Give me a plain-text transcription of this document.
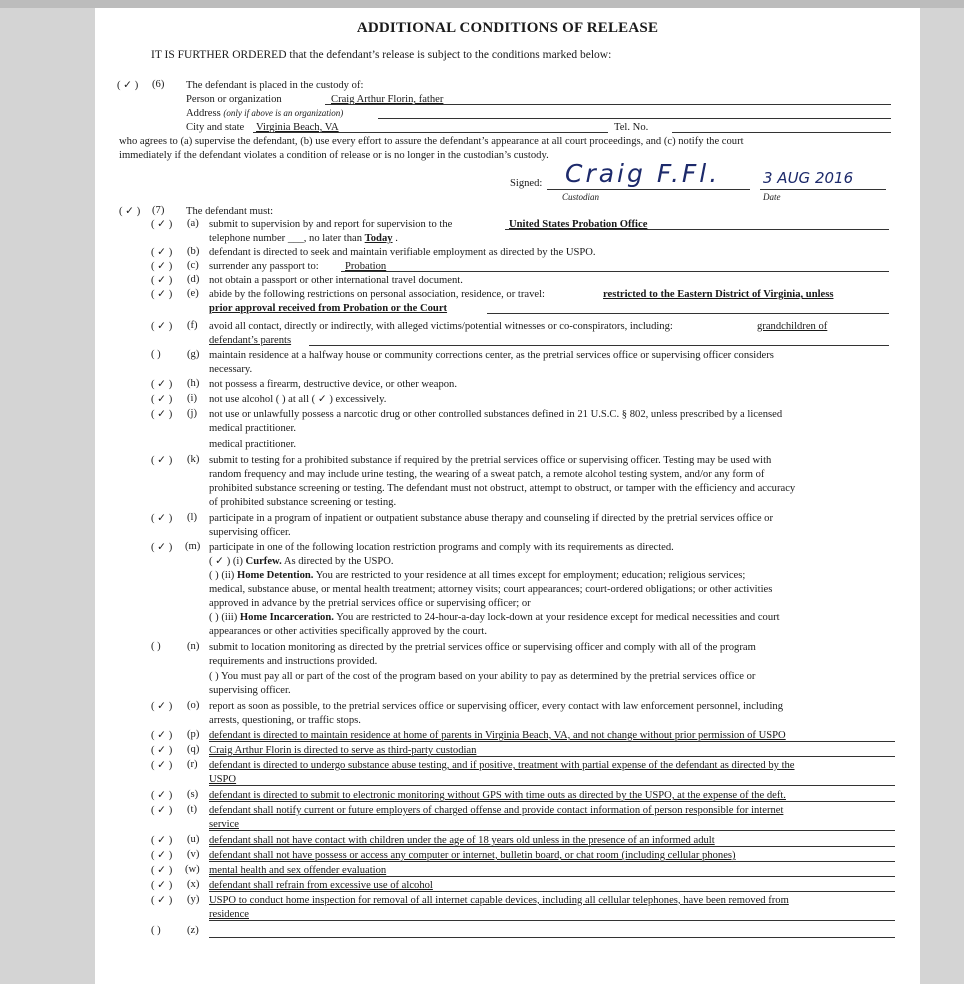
ADDITIONAL CONDITIONS OF RELEASE
IT IS FURTHER ORDERED that the defendant’s release is subject to the conditions marked below:
( ✓ ) (6) The defendant is placed in the custody of:
Person or organization	Craig Arthur Florin, father
Address (only if above is an organization)
City and state Virginia Beach, VA	Tel. No.
who agrees to (a) supervise the defendant, (b) use every effort to assure the defendant’s appearance at all court proceedings, and (c) notify the court
immediately if the defendant violates a condition of release or is no longer in the custodian’s custody.
Signed: Craig F.Fl.	3 AUG 2016
Custodian	Date
( ✓ ) (7) The defendant must:
( ✓ ) (a) submit to supervision by and report for supervision to the	United States Probation Office
telephone number ___, no later than Today .
( ✓ ) (b) defendant is directed to seek and maintain verifiable employment as directed by the USPO.
( ✓ ) (c) surrender any passport to: Probation
( ✓ ) (d) not obtain a passport or other international travel document.
( ✓ ) (e) abide by the following restrictions on personal association, residence, or travel:	restricted to the Eastern District of Virginia, unless
prior approval received from Probation or the Court
( ✓ ) (f) avoid all contact, directly or indirectly, with alleged victims/potential witnesses or co-conspirators, including:	grandchildren of
defendant’s parents
( ) (g) maintain residence at a halfway house or community corrections center, as the pretrial services office or supervising officer considers
necessary.
( ✓ ) (h) not possess a firearm, destructive device, or other weapon.
( ✓ ) (i) not use alcohol ( ) at all ( ✓ ) excessively.
( ✓ ) (j) not use or unlawfully possess a narcotic drug or other controlled substances defined in 21 U.S.C. § 802, unless prescribed by a licensed
medical practitioner.
medical practitioner.
( ✓ ) (k) submit to testing for a prohibited substance if required by the pretrial services office or supervising officer. Testing may be used with
random frequency and may include urine testing, the wearing of a sweat patch, a remote alcohol testing system, and/or any form of
prohibited substance screening or testing. The defendant must not obstruct, attempt to obstruct, or tamper with the efficiency and accuracy
of prohibited substance screening or testing.
( ✓ ) (l) participate in a program of inpatient or outpatient substance abuse therapy and counseling if directed by the pretrial services office or
supervising officer.
( ✓ ) (m) participate in one of the following location restriction programs and comply with its requirements as directed.
( ✓ ) (i) Curfew. As directed by the USPO.
( ) (ii) Home Detention. You are restricted to your residence at all times except for employment; education; religious services;
medical, substance abuse, or mental health treatment; attorney visits; court appearances; court-ordered obligations; or other activities
approved in advance by the pretrial services office or supervising officer; or
( ) (iii) Home Incarceration. You are restricted to 24-hour-a-day lock-down at your residence except for medical necessities and court
appearances or other activities specifically approved by the court.
( ) (n) submit to location monitoring as directed by the pretrial services office or supervising officer and comply with all of the program
requirements and instructions provided.
( ) You must pay all or part of the cost of the program based on your ability to pay as determined by the pretrial services office or
supervising officer.
( ✓ ) (o) report as soon as possible, to the pretrial services office or supervising officer, every contact with law enforcement personnel, including
arrests, questioning, or traffic stops.
( ✓ ) (p) defendant is directed to maintain residence at home of parents in Virginia Beach, VA, and not change without prior permission of USPO
( ✓ ) (q) Craig Arthur Florin is directed to serve as third-party custodian
( ✓ ) (r) defendant is directed to undergo substance abuse testing, and if positive, treatment with partial expense of the defendant as directed by the
USPO
( ✓ ) (s) defendant is directed to submit to electronic monitoring without GPS with time outs as directed by the USPO, at the expense of the deft.
( ✓ ) (t) defendant shall notify current or future employers of charged offense and provide contact information of person responsible for internet
service
( ✓ ) (u) defendant shall not have contact with children under the age of 18 years old unless in the presence of an informed adult
( ✓ ) (v) defendant shall not have possess or access any computer or internet, bulletin board, or chat room (including cellular phones)
( ✓ ) (w) mental health and sex offender evaluation
( ✓ ) (x) defendant shall refrain from excessive use of alcohol
( ✓ ) (y) USPO to conduct home inspection for removal of all internet capable devices, including all cellular telephones, have been removed from
residence
( ) (z)
